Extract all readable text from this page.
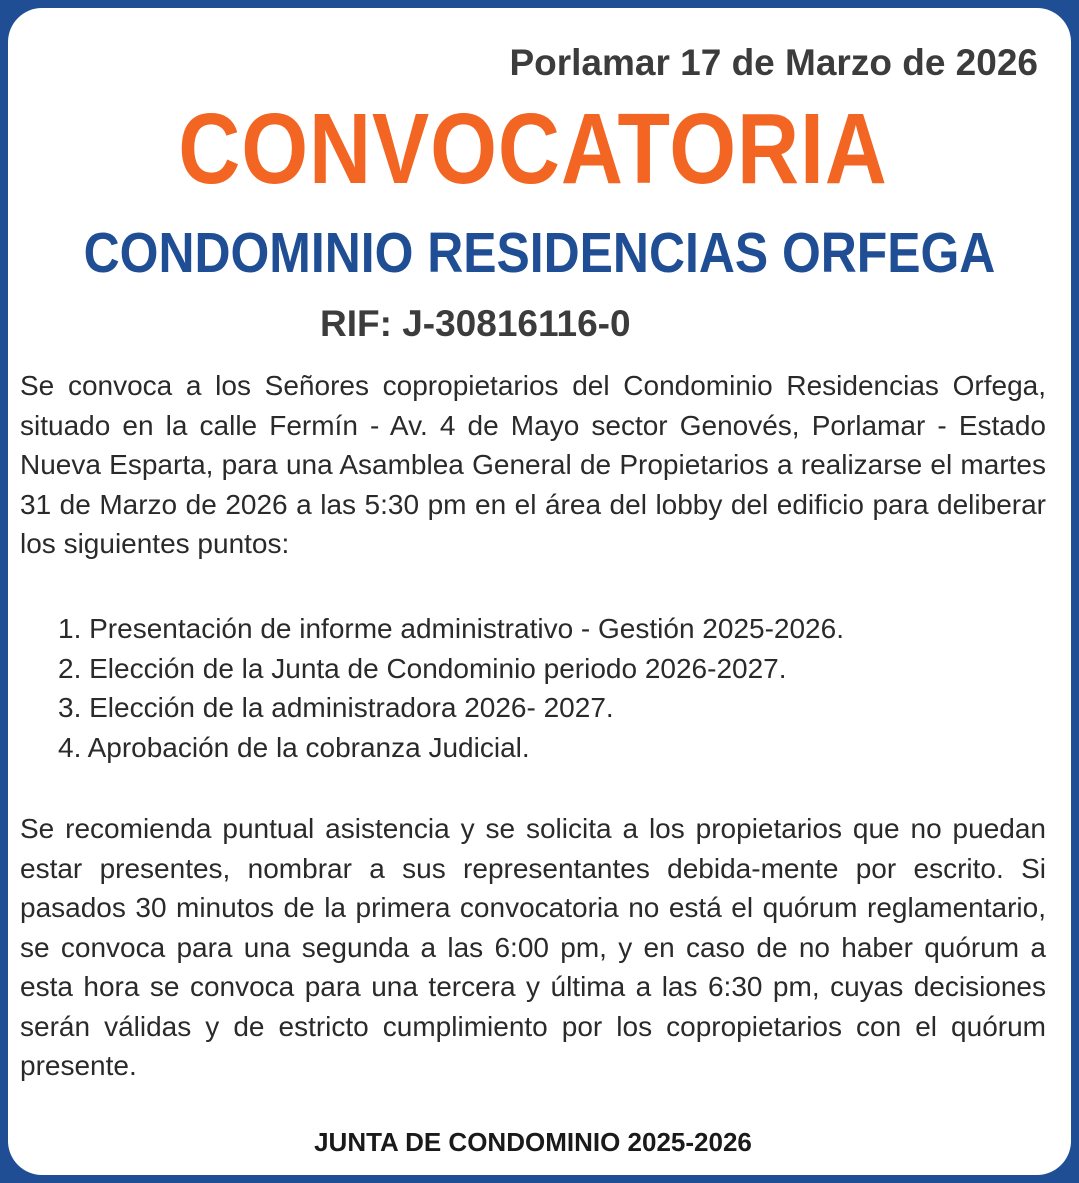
Porlamar 17 de Marzo de 2026
CONVOCATORIA
CONDOMINIO RESIDENCIAS ORFEGA
RIF: J-30816116-0

Se convoca a los Señores copropietarios del Condominio Residencias Orfega, situado en la calle Fermín - Av. 4 de Mayo sector Genovés, Porlamar - Estado Nueva Esparta, para una Asamblea General de Propietarios a realizarse el martes 31 de Marzo de 2026 a las 5:30 pm en el área del lobby del edificio para deliberar los siguientes puntos:

1. Presentación de informe administrativo - Gestión 2025-2026.
2. Elección de la Junta de Condominio periodo 2026-2027.
3. Elección de la administradora 2026- 2027.
4. Aprobación de la cobranza Judicial.

Se recomienda puntual asistencia y se solicita a los propietarios que no puedan estar presentes, nombrar a sus representantes debida-mente por escrito. Si pasados 30 minutos de la primera convocatoria no está el quórum reglamentario, se convoca para una segunda a las 6:00 pm, y en caso de no haber quórum a esta hora se convoca para una tercera y última a las 6:30 pm, cuyas decisiones serán válidas y de estricto cumplimiento por los copropietarios con el quórum presente.

JUNTA DE CONDOMINIO 2025-2026
